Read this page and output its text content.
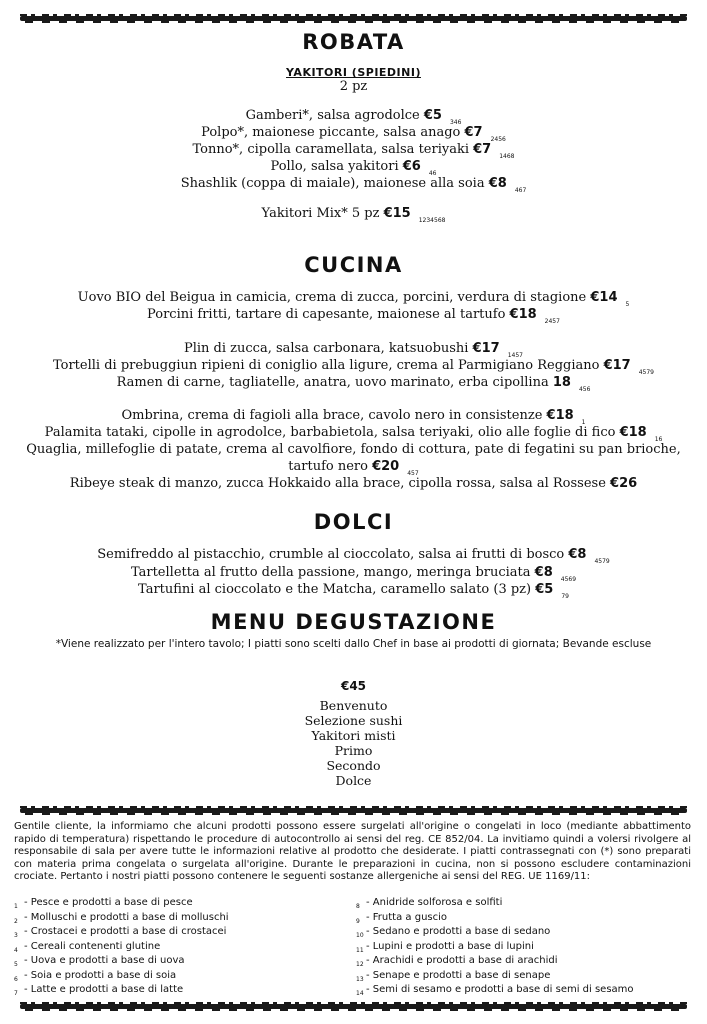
ROBATA
YAKITORI (SPIEDINI)
2 pz
Gamberi*, salsa agrodolce €5 $_{346}$
Polpo*, maionese piccante, salsa anago €7 $_{2456}$
Tonno*, cipolla caramellata, salsa teriyaki €7 $_{1468}$
Pollo, salsa yakitori €6 $_{46}$
Shashlik (coppa di maiale), maionese alla soia €8 $_{467}$
Yakitori Mix* 5 pz €15 $_{1234568}$
CUCINA
Uovo BIO del Beigua in camicia, crema di zucca, porcini, verdura di stagione €14 $_5$
Porcini fritti, tartare di capesante, maionese al tartufo €18 $_{2457}$
Plin di zucca, salsa carbonara, katsuobushi €17 $_{1457}$
Tortelli di prebuggiun ripieni di coniglio alla ligure, crema al Parmigiano Reggiano €17 $_{4579}$
Ramen di carne, tagliatelle, anatra, uovo marinato, erba cipollina 18 $_{456}$
Ombrina, crema di fagioli alla brace, cavolo nero in consistenze €18 $_1$
Palamita tataki, cipolle in agrodolce, barbabietola, salsa teriyaki, olio alle foglie di fico €18 $_{16}$
Quaglia, millefoglie di patate, crema al cavolfiore, fondo di cottura, pate di fegatini su pan brioche,
tartufo nero €20 $_{457}$
Ribeye steak di manzo, zucca Hokkaido alla brace, cipolla rossa, salsa al Rossese €26
DOLCI
Semifreddo al pistacchio, crumble al cioccolato, salsa ai frutti di bosco €8 $_{4579}$
Tartelletta al frutto della passione, mango, meringa bruciata €8 $_{4569}$
Tartufini al cioccolato e the Matcha, caramello salato (3 pz) €5 $_{79}$
MENU DEGUSTAZIONE
*Viene realizzato per l'intero tavolo; I piatti sono scelti dallo Chef in base ai prodotti di giornata; Bevande escluse
€45
Benvenuto
Selezione sushi
Yakitori misti
Primo
Secondo
Dolce

Gentile cliente, la informiamo che alcuni prodotti possono essere surgelati all'origine o congelati in loco (mediante abbattimento rapido di temperatura) rispettando le procedure di autocontrollo ai sensi del reg. CE 852/04. La invitiamo quindi a volersi rivolgere al responsabile di sala per avere tutte le informazioni relative al prodotto che desiderate. I piatti contrassegnati con (*) sono preparati con materia prima congelata o surgelata all'origine. Durante le preparazioni in cucina, non si possono escludere contaminazioni crociate. Pertanto i nostri piatti possono contenere le seguenti sostanze allergeniche ai sensi del REG. UE 1169/11:

1 - Pesce e prodotti a base di pesce
2 - Molluschi e prodotti a base di molluschi
3 - Crostacei e prodotti a base di crostacei
4 - Cereali contenenti glutine
5 - Uova e prodotti a base di uova
6 - Soia e prodotti a base di soia
7 - Latte e prodotti a base di latte
8 - Anidride solforosa e solfiti
9 - Frutta a guscio
10 - Sedano e prodotti a base di sedano
11 - Lupini e prodotti a base di lupini
12 - Arachidi e prodotti a base di arachidi
13 - Senape e prodotti a base di senape
14 - Semi di sesamo e prodotti a base di semi di sesamo
